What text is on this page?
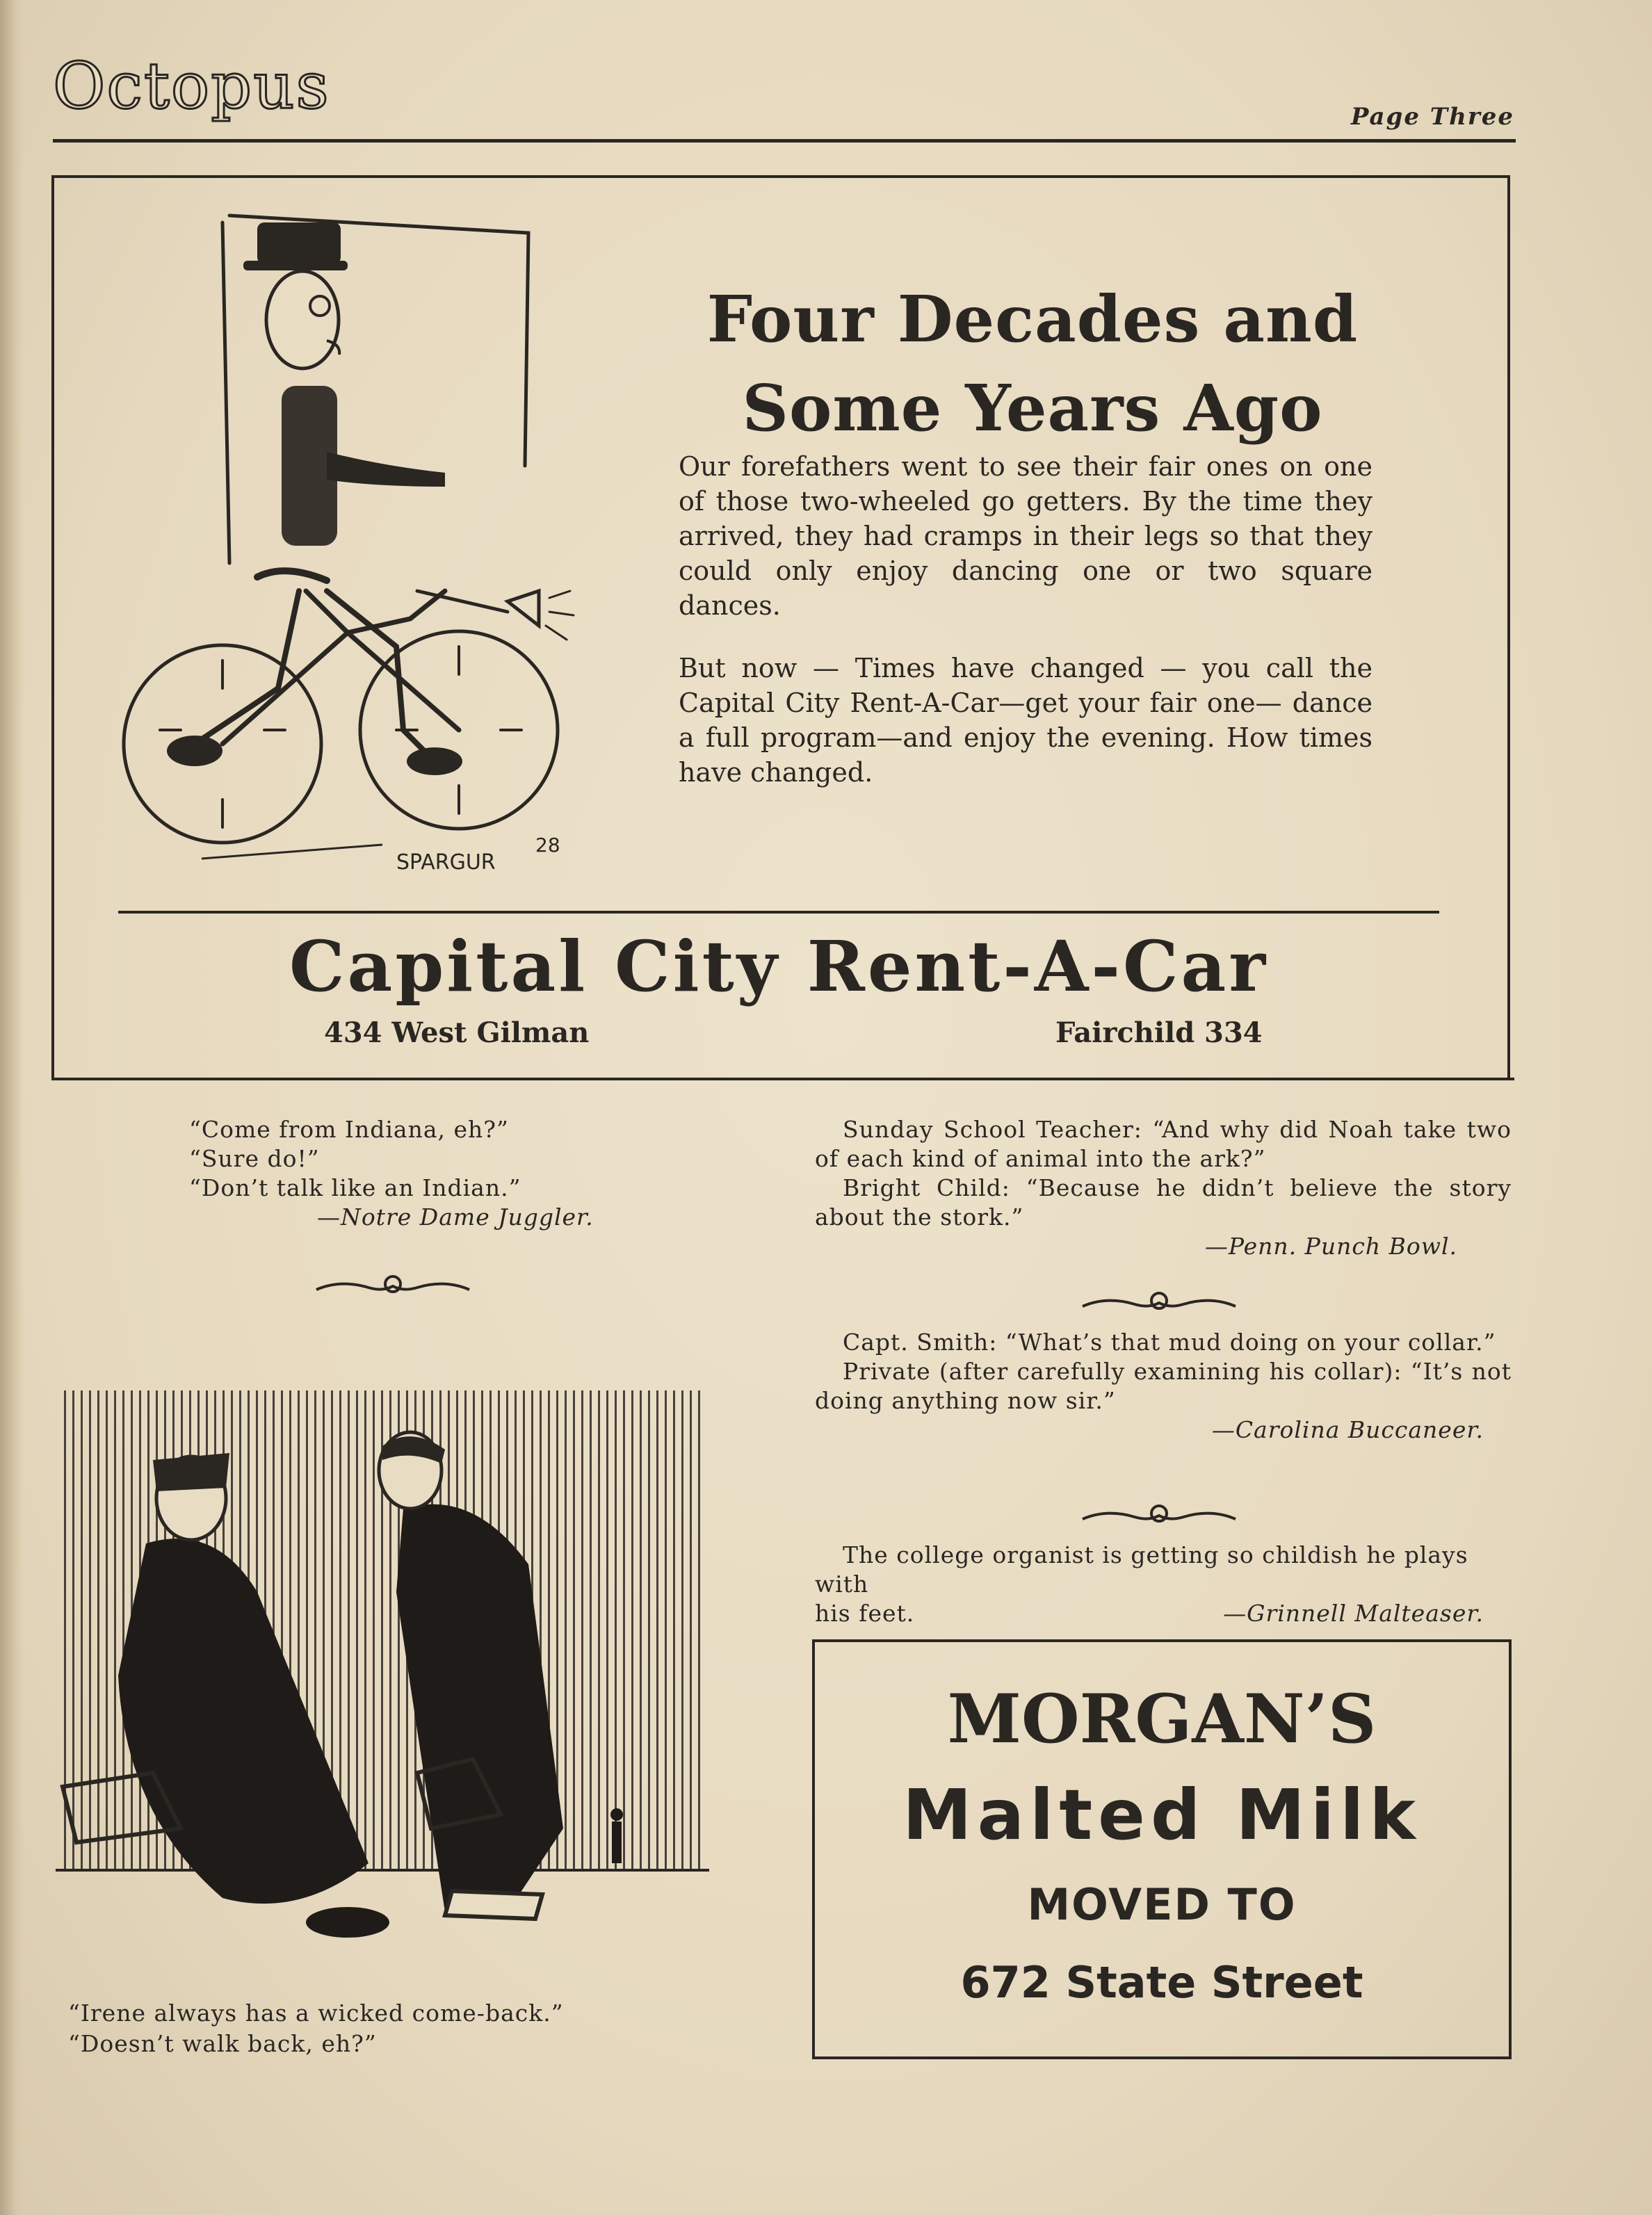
Octopus	Page Three
SPARGUR
28
Four Decades and
Some Years Ago
Our forefathers went to see their fair ones on one of those two-wheeled go getters. By the time they arrived, they had cramps in their legs so that they could only enjoy dancing one or two square dances.
But now — Times have changed — you call the Capital City Rent-A-Car—get your fair one— dance a full program—and enjoy the evening. How times have changed.
Capital City Rent-A-Car
434 West Gilman	Fairchild 334
“Come from Indiana, eh?”
“Sure do!”
“Don’t talk like an Indian.”
—Notre Dame Juggler.
“Irene always has a wicked come-back.”
“Doesn’t walk back, eh?”
Sunday School Teacher: “And why did Noah take two of each kind of animal into the ark?”
Bright Child: “Because he didn’t believe the story about the stork.”
—Penn. Punch Bowl.
Capt. Smith: “What’s that mud doing on your collar.”
Private (after carefully examining his collar): “It’s not doing anything now sir.”
—Carolina Buccaneer.
The college organist is getting so childish he plays with
his feet.	—Grinnell Malteaser.
MORGAN’S
Malted Milk
MOVED TO
672 State Street
